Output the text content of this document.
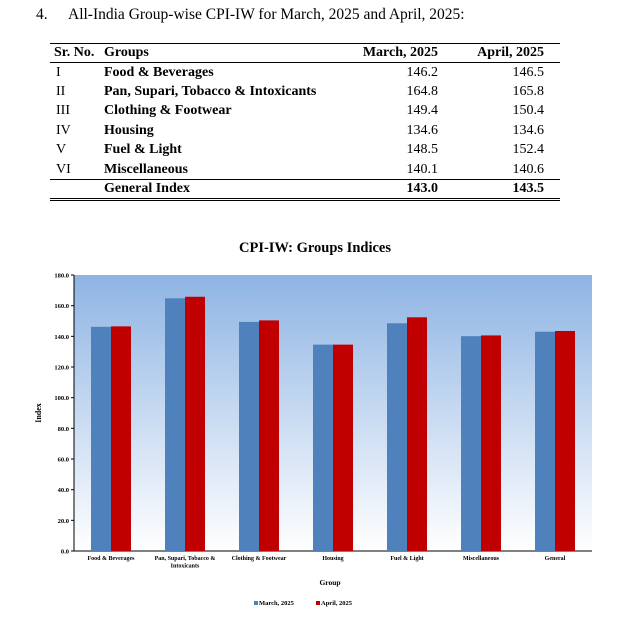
4. All-India Group-wise CPI-IW for March, 2025 and April, 2025:
Sr. No.	Groups	March, 2025	April, 2025
I	Food & Beverages	146.2	146.5
II	Pan, Supari, Tobacco & Intoxicants	164.8	165.8
III	Clothing & Footwear	149.4	150.4
IV	Housing	134.6	134.6
V	Fuel & Light	148.5	152.4
VI	Miscellaneous	140.1	140.6
	General Index	143.0	143.5
CPI-IW: Groups Indices
0.0
20.0
40.0
60.0
80.0
100.0
120.0
140.0
160.0
180.0
Index
Food & Beverages	Pan, Supari, Tobacco &
Intoxicants
Clothing & Footwear	Housing	Fuel & Light	Miscellaneous	General
Group
March, 2025	April, 2025
